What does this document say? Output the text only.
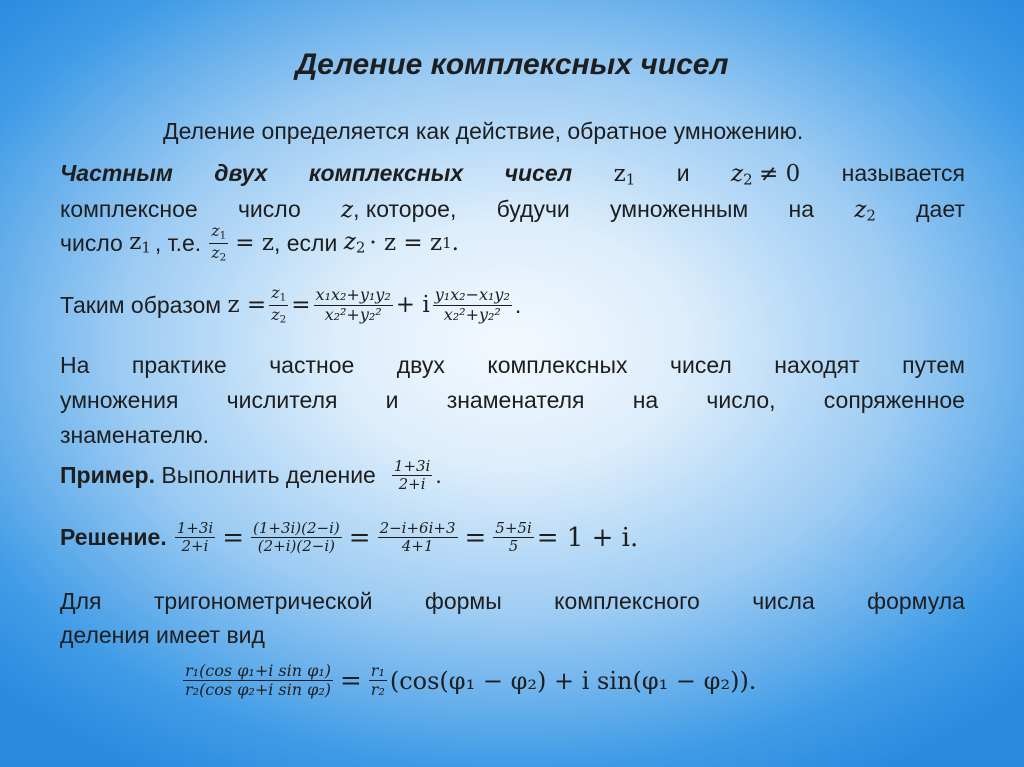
Деление комплексных чисел
Деление определяется как действие, обратное умножению.
Частным двух комплексных чисел $z_1$ и $z_2 \ne 0$ называется
комплексное число z, которое, будучи умноженным на $z_2$ дает
число
$z_1$ , т.е. $\frac{z_1}{z_2} = z$ , если
$z_2 \cdot z = z$ 1 .
Таким образом
$z = \frac{z_1}{z_2} = \frac{\text{x₁x₂+y₁y₂}}{\text{x₂²+y₂²}} + i \frac{\text{y₁x₂−x₁y₂}}{\text{x₂²+y₂²}}$ .
На практике частное двух комплексных чисел находят путем
умножения числителя и знаменателя на число, сопряженное
знаменателю.
Пример.
Выполнить деление $\frac{1+3i}{2+i}$ .
Решение. $\frac{1+3i}{2+i} = \frac{(1+3i)(2-i)}{(2+i)(2-i)} = \frac{2-i+6i+3}{4+1} = \frac{5+5i}{5} = 1 + i$.
Для тригонометрической формы комплексного числа формула
деления имеет вид
$\frac{\text{r₁(cos φ₁+i sin φ₁)}}{\text{r₂(cos φ₂+i sin φ₂)}} = \frac{\text{r₁}}{\text{r₂}} (\cos(\varphi_1 - \varphi_2) + i$ sin(φ₁ − φ₂)).
